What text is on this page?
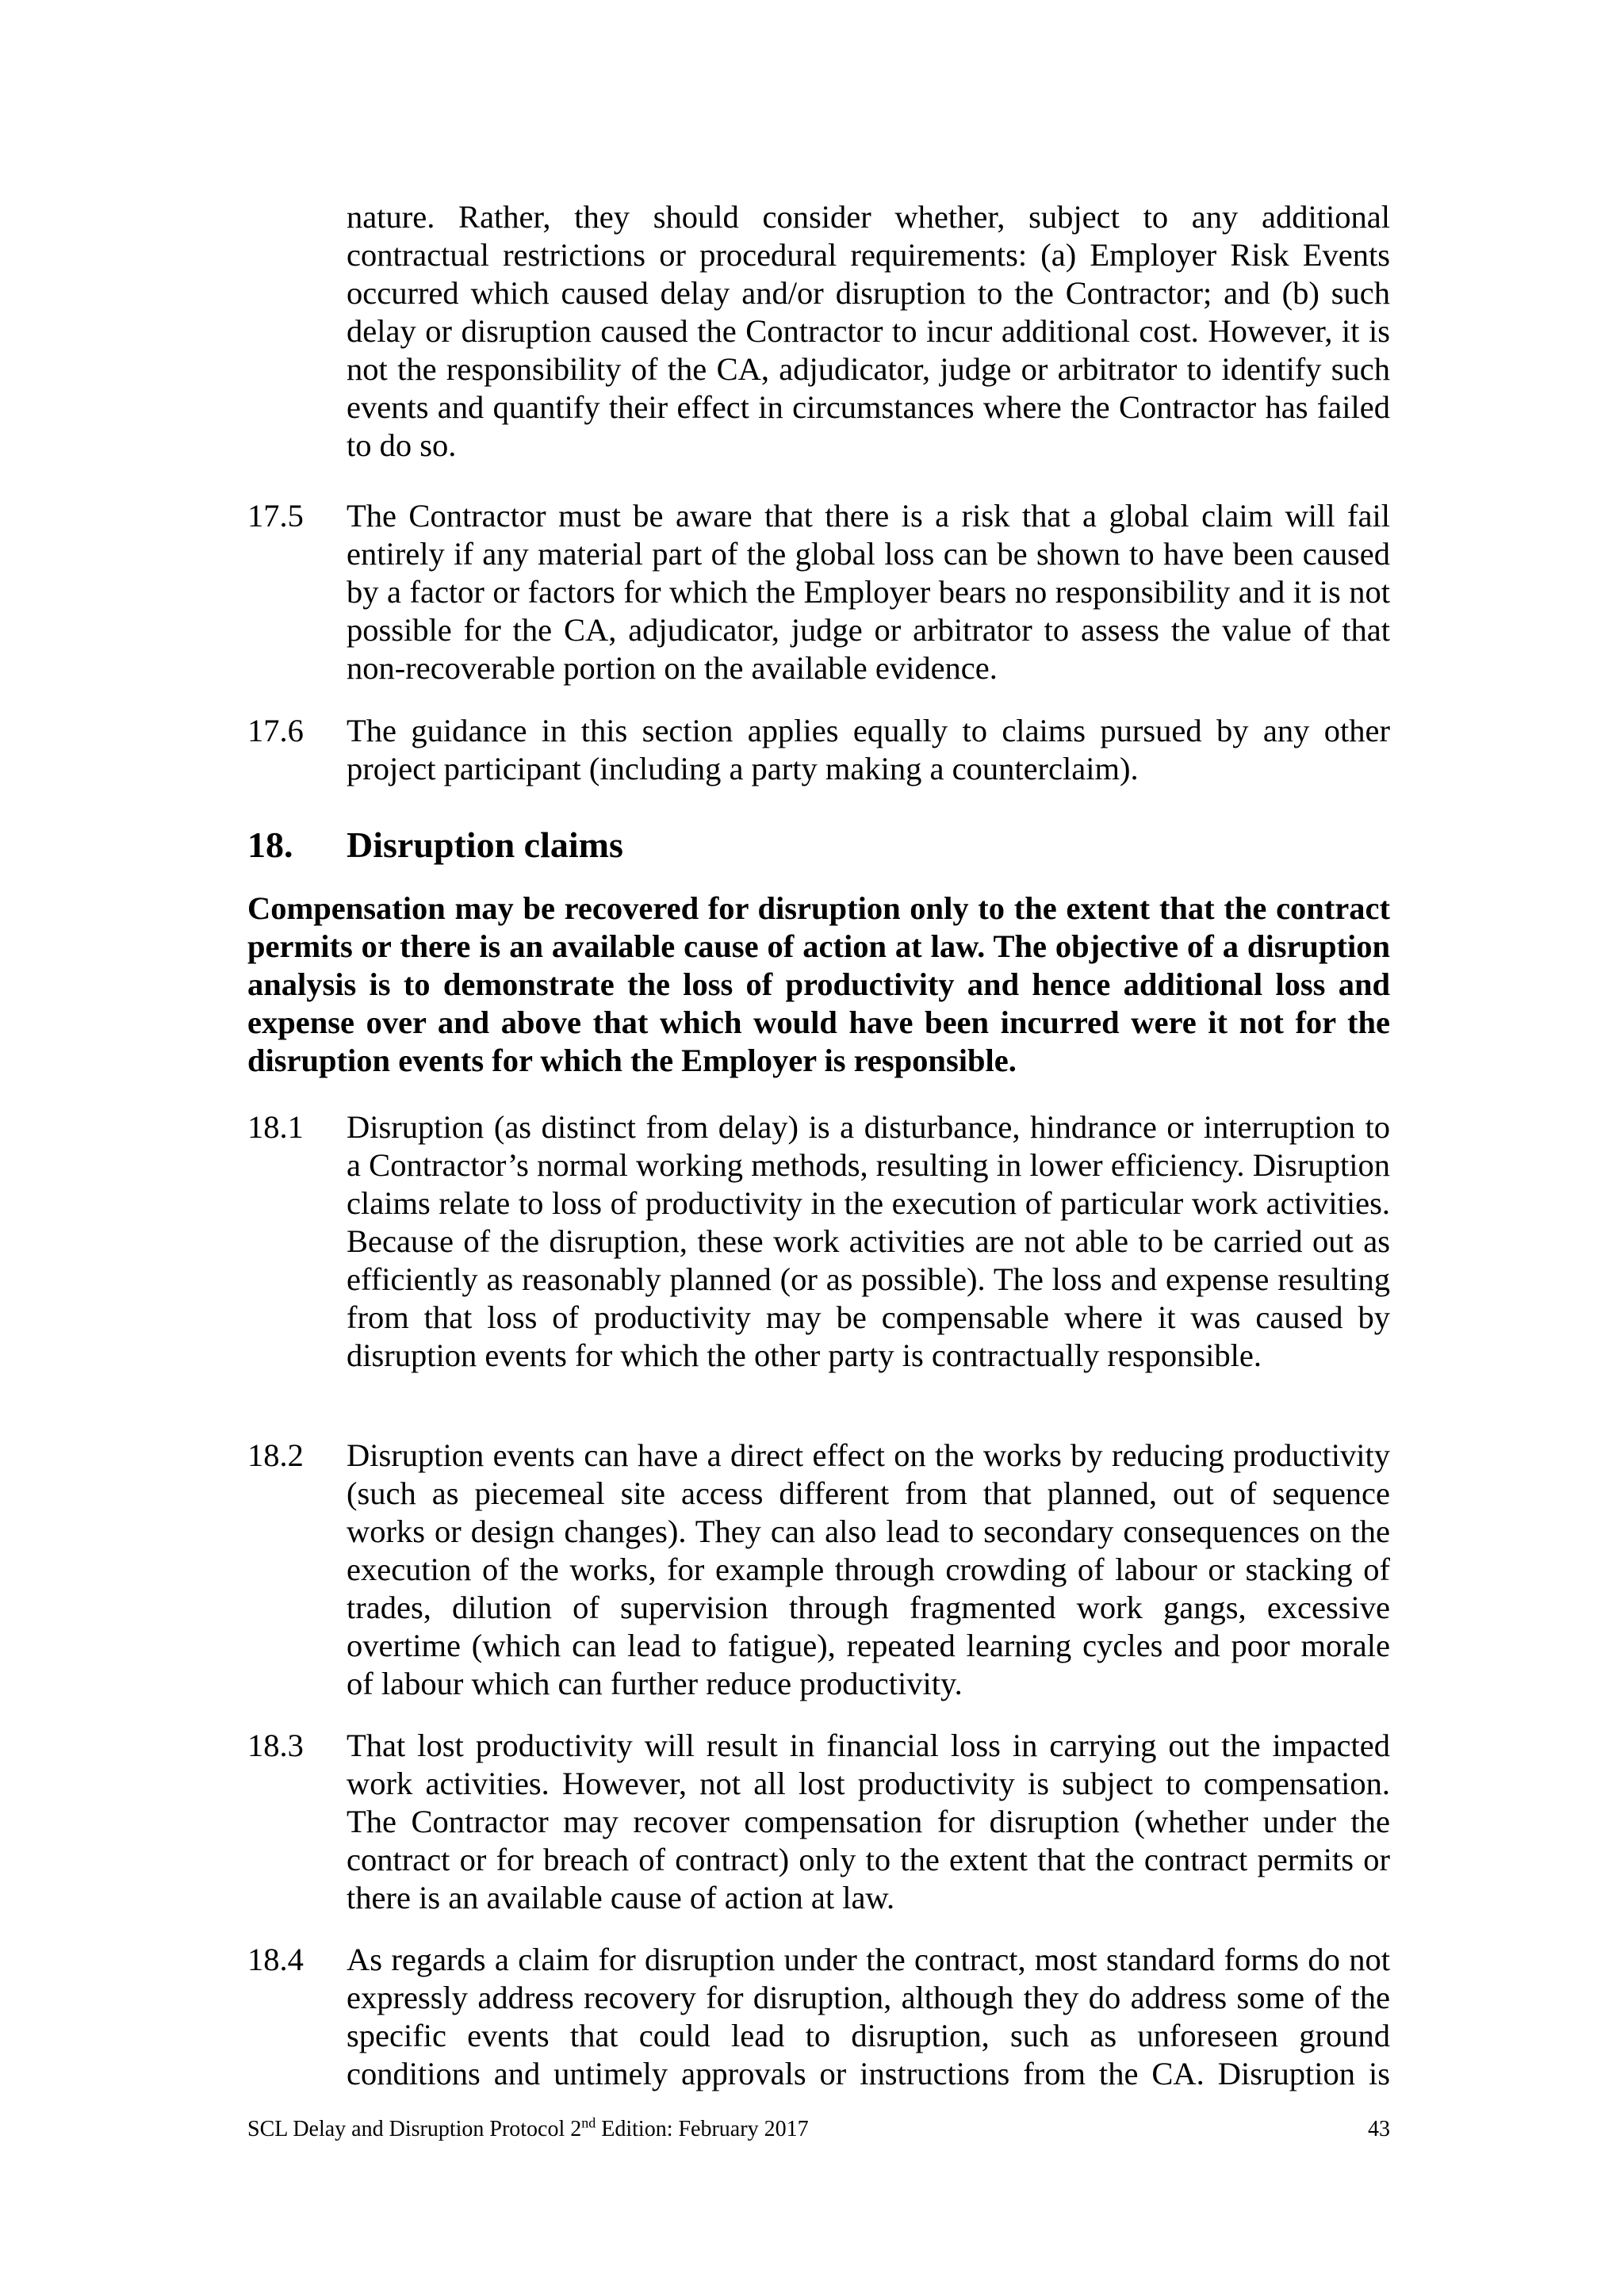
nature. Rather, they should consider whether, subject to any additional contractual restrictions or procedural requirements: (a) Employer Risk Events occurred which caused delay and/or disruption to the Contractor; and (b) such delay or disruption caused the Contractor to incur additional cost. However, it is not the responsibility of the CA, adjudicator, judge or arbitrator to identify such events and quantify their effect in circumstances where the Contractor has failed to do so.

17.5 The Contractor must be aware that there is a risk that a global claim will fail entirely if any material part of the global loss can be shown to have been caused by a factor or factors for which the Employer bears no responsibility and it is not possible for the CA, adjudicator, judge or arbitrator to assess the value of that non-recoverable portion on the available evidence.

17.6 The guidance in this section applies equally to claims pursued by any other project participant (including a party making a counterclaim).

18. Disruption claims

Compensation may be recovered for disruption only to the extent that the contract permits or there is an available cause of action at law. The objective of a disruption analysis is to demonstrate the loss of productivity and hence additional loss and expense over and above that which would have been incurred were it not for the disruption events for which the Employer is responsible.

18.1 Disruption (as distinct from delay) is a disturbance, hindrance or interruption to a Contractor’s normal working methods, resulting in lower efficiency. Disruption claims relate to loss of productivity in the execution of particular work activities. Because of the disruption, these work activities are not able to be carried out as efficiently as reasonably planned (or as possible). The loss and expense resulting from that loss of productivity may be compensable where it was caused by disruption events for which the other party is contractually responsible.

18.2 Disruption events can have a direct effect on the works by reducing productivity (such as piecemeal site access different from that planned, out of sequence works or design changes). They can also lead to secondary consequences on the execution of the works, for example through crowding of labour or stacking of trades, dilution of supervision through fragmented work gangs, excessive overtime (which can lead to fatigue), repeated learning cycles and poor morale of labour which can further reduce productivity.

18.3 That lost productivity will result in financial loss in carrying out the impacted work activities. However, not all lost productivity is subject to compensation. The Contractor may recover compensation for disruption (whether under the contract or for breach of contract) only to the extent that the contract permits or there is an available cause of action at law.

18.4 As regards a claim for disruption under the contract, most standard forms do not expressly address recovery for disruption, although they do address some of the specific events that could lead to disruption, such as unforeseen ground conditions and untimely approvals or instructions from the CA. Disruption is

SCL Delay and Disruption Protocol 2nd Edition: February 2017	43
